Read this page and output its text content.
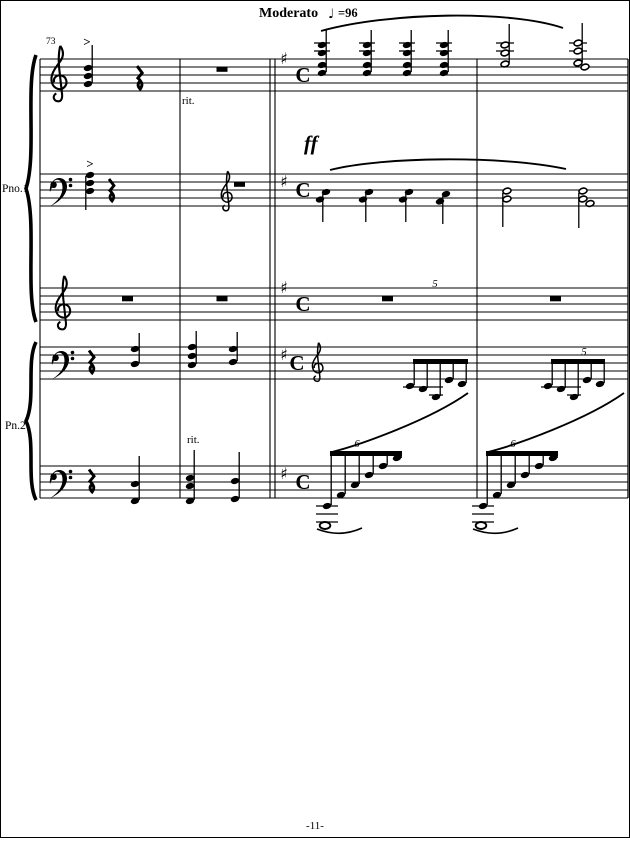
Moderato ♩ =96
73
Pno.1
Pn.2
♯
♯
♯
♯
♯
C
C
C
C
C
>
rit.
>
ff
5
5
rit.	6	6
-11-
